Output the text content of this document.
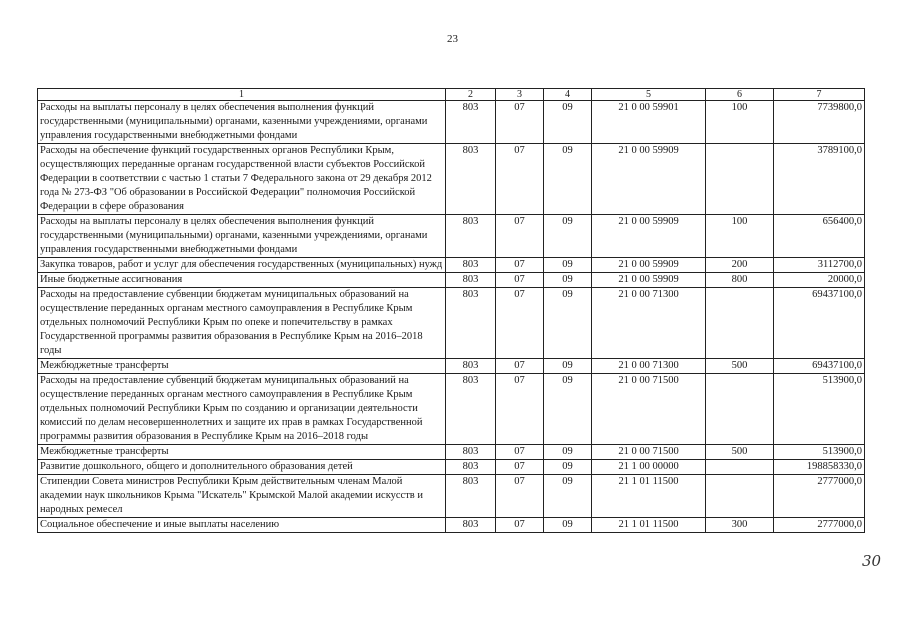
23
1	2	3	4	5	6	7
Расходы на выплаты персоналу в целях обеспечения выполнения функций государственными (муниципальными) органами, казенными учреждениями, органами управления государственными внебюджетными фондами	803	07	09	21 0 00 59901	100	7739800,0
Расходы на обеспечение функций государственных органов Республики Крым, осуществляющих переданные органам государственной власти субъектов Российской Федерации в соответствии с частью 1 статьи 7 Федерального закона от 29 декабря 2012 года № 273-ФЗ "Об образовании в Российской Федерации" полномочия Российской Федерации в сфере образования	803	07	09	21 0 00 59909		3789100,0
Расходы на выплаты персоналу в целях обеспечения выполнения функций государственными (муниципальными) органами, казенными учреждениями, органами управления государственными внебюджетными фондами	803	07	09	21 0 00 59909	100	656400,0
Закупка товаров, работ и услуг для обеспечения государственных (муниципальных) нужд	803	07	09	21 0 00 59909	200	3112700,0
Иные бюджетные ассигнования	803	07	09	21 0 00 59909	800	20000,0
Расходы на предоставление субвенции бюджетам муниципальных образований на осуществление переданных органам местного самоуправления в Республике Крым отдельных полномочий Республики Крым по опеке и попечительству в рамках Государственной программы развития образования в Республике Крым на 2016–2018 годы	803	07	09	21 0 00 71300		69437100,0
Межбюджетные трансферты	803	07	09	21 0 00 71300	500	69437100,0
Расходы на предоставление субвенций бюджетам муниципальных образований на осуществление переданных органам местного самоуправления в Республике Крым отдельных полномочий Республики Крым по созданию и организации деятельности комиссий по делам несовершеннолетних и защите их прав в рамках Государственной программы развития образования в Республике Крым на 2016–2018 годы	803	07	09	21 0 00 71500		513900,0
Межбюджетные трансферты	803	07	09	21 0 00 71500	500	513900,0
Развитие дошкольного, общего и дополнительного образования детей	803	07	09	21 1 00 00000		198858330,0
Стипендии Совета министров Республики Крым действительным членам Малой академии наук школьников Крыма "Искатель" Крымской Малой академии искусств и народных ремесел	803	07	09	21 1 01 11500		2777000,0
Социальное обеспечение и иные выплаты населению	803	07	09	21 1 01 11500	300	2777000,0
30
